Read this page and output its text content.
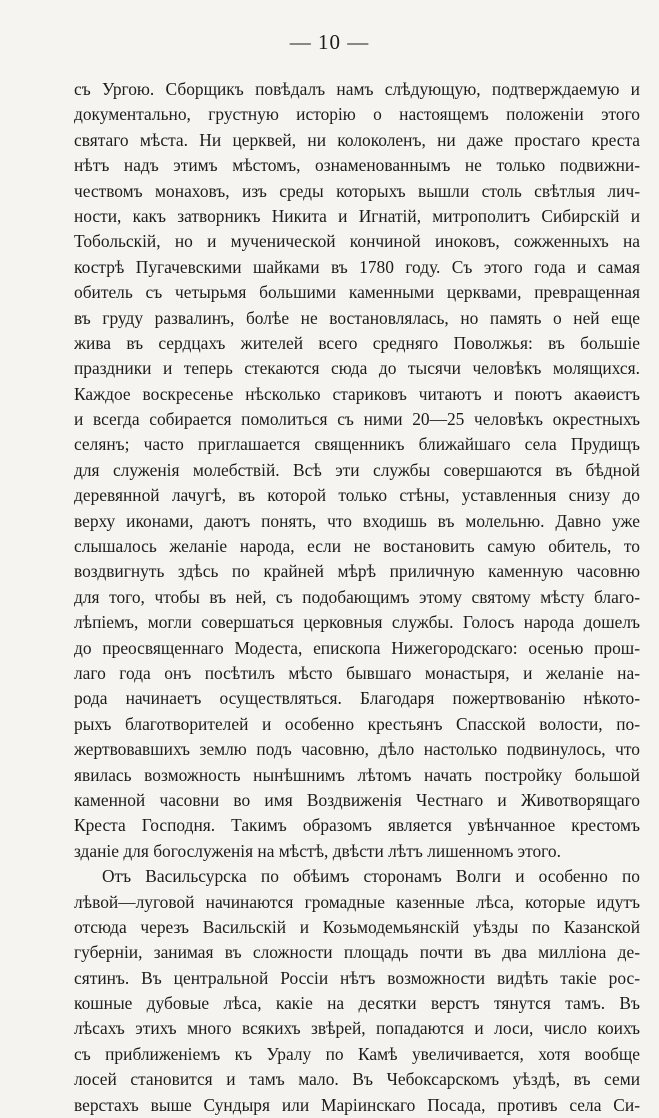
— 10 —
съ Ургою. Сборщикъ повѣдалъ намъ слѣдующую, подтверждаемую и
документально, грустную исторію о настоящемъ положеніи этого
святаго мѣста. Ни церквей, ни колоколенъ, ни даже простаго креста
нѣтъ надъ этимъ мѣстомъ, ознаменованнымъ не только подвижни-
чествомъ монаховъ, изъ среды которыхъ вышли столь свѣтлыя лич-
ности, какъ затворникъ Никита и Игнатій, митрополитъ Сибирскій и
Тобольскій, но и мученической кончиной иноковъ, сожженныхъ на
кострѣ Пугачевскими шайками въ 1780 году. Съ этого года и самая
обитель съ четырьмя большими каменными церквами, превращенная
въ груду развалинъ, болѣе не востановлялась, но память о ней еще
жива въ сердцахъ жителей всего средняго Поволжья: въ большіе
праздники и теперь стекаются сюда до тысячи человѣкъ молящихся.
Каждое воскресенье нѣсколько стариковъ читаютъ и поютъ акаѳистъ
и всегда собирается помолиться съ ними 20—25 человѣкъ окрестныхъ
селянъ; часто приглашается священникъ ближайшаго села Прудищъ
для служенія молебствій. Всѣ эти службы совершаются въ бѣдной
деревянной лачугѣ, въ которой только стѣны, уставленныя снизу до
верху иконами, даютъ понять, что входишь въ молельню. Давно уже
слышалось желаніе народа, если не востановить самую обитель, то
воздвигнуть здѣсь по крайней мѣрѣ приличную каменную часовню
для того, чтобы въ ней, съ подобающимъ этому святому мѣсту благо-
лѣпіемъ, могли совершаться церковныя службы. Голосъ народа дошелъ
до преосвященнаго Модеста, епископа Нижегородскаго: осенью прош-
лаго года онъ посѣтилъ мѣсто бывшаго монастыря, и желаніе на-
рода начинаетъ осуществляться. Благодаря пожертвованію нѣкото-
рыхъ благотворителей и особенно крестьянъ Спасской волости, по-
жертвовавшихъ землю подъ часовню, дѣло настолько подвинулось, что
явилась возможность нынѣшнимъ лѣтомъ начать постройку большой
каменной часовни во имя Воздвиженія Честнаго и Животворящаго
Креста Господня. Такимъ образомъ является увѣнчанное крестомъ
зданіе для богослуженія на мѣстѣ, двѣсти лѣтъ лишенномъ этого.
Отъ Васильсурска по обѣимъ сторонамъ Волги и особенно по
лѣвой—луговой начинаются громадные казенные лѣса, которые идутъ
отсюда черезъ Васильскій и Козьмодемьянскій уѣзды по Казанской
губерніи, занимая въ сложности площадь почти въ два милліона де-
сятинъ. Въ центральной Россіи нѣтъ возможности видѣть такіе рос-
кошные дубовые лѣса, какіе на десятки верстъ тянутся тамъ. Въ
лѣсахъ этихъ много всякихъ звѣрей, попадаются и лоси, число коихъ
съ приближеніемъ къ Уралу по Камѣ увеличивается, хотя вообще
лосей становится и тамъ мало. Въ Чебоксарскомъ уѣздѣ, въ семи
верстахъ выше Сундыря или Маріинскаго Посада, противъ села Си-
